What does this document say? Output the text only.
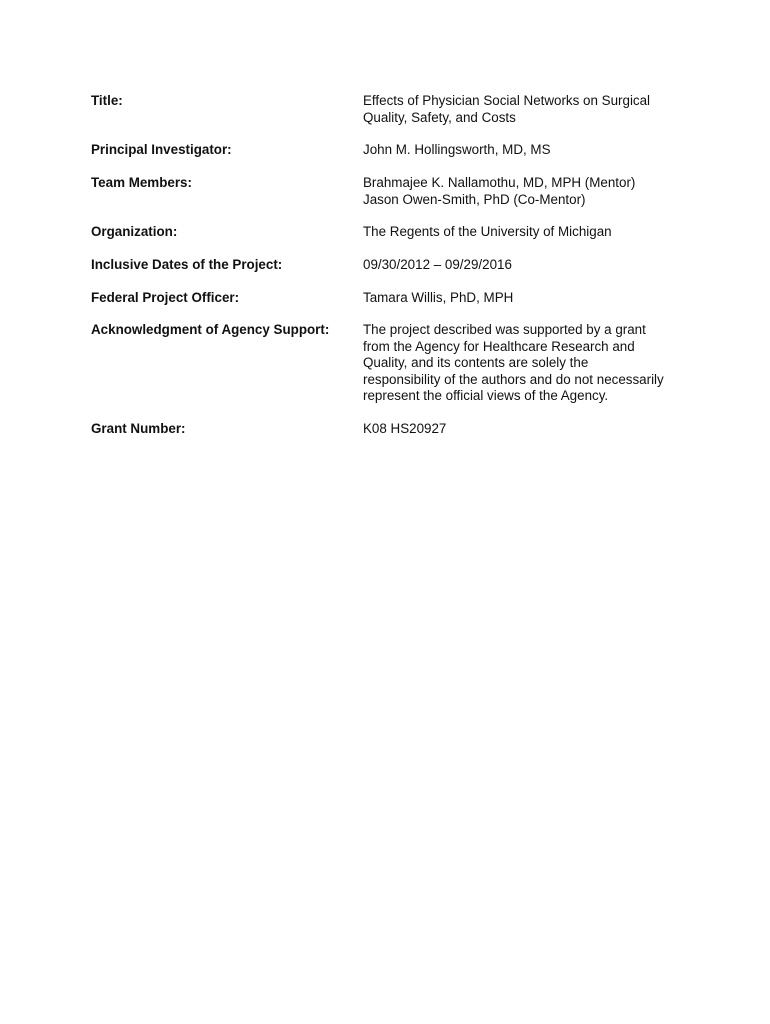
Title:	Effects of Physician Social Networks on Surgical
Quality, Safety, and Costs
Principal Investigator:	John M. Hollingsworth, MD, MS
Team Members:	Brahmajee K. Nallamothu, MD, MPH (Mentor)
Jason Owen-Smith, PhD (Co-Mentor)
Organization:	The Regents of the University of Michigan
Inclusive Dates of the Project:	09/30/2012 – 09/29/2016
Federal Project Officer:	Tamara Willis, PhD, MPH
Acknowledgment of Agency Support:	The project described was supported by a grant
from the Agency for Healthcare Research and
Quality, and its contents are solely the
responsibility of the authors and do not necessarily
represent the official views of the Agency.
Grant Number:	K08 HS20927
